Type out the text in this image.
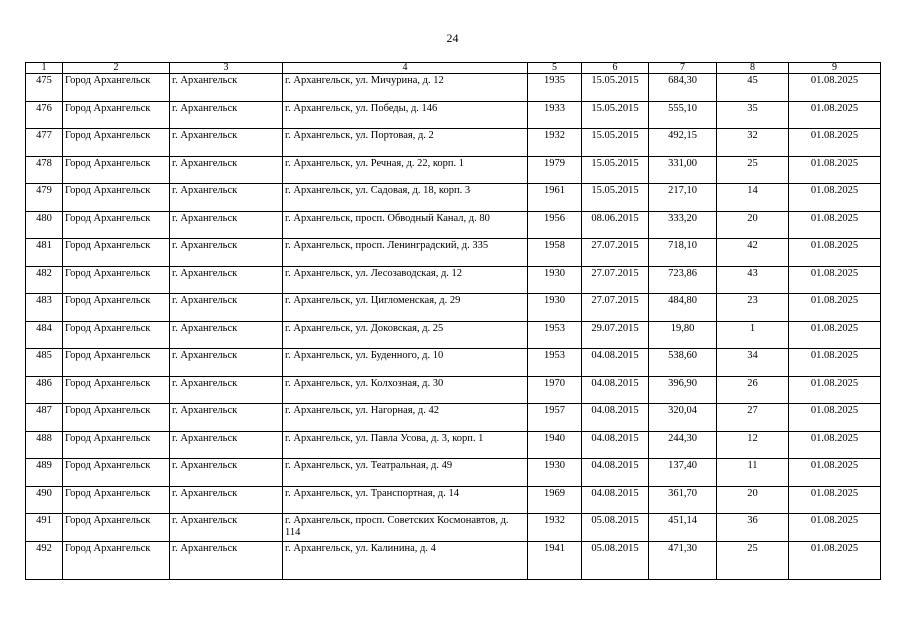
24
1	2	3	4	5	6	7	8	9
475	Город Архангельск	г. Архангельск	г. Архангельск, ул. Мичурина, д. 12	1935	15.05.2015	684,30	45	01.08.2025
476	Город Архангельск	г. Архангельск	г. Архангельск, ул. Победы, д. 146	1933	15.05.2015	555,10	35	01.08.2025
477	Город Архангельск	г. Архангельск	г. Архангельск, ул. Портовая, д. 2	1932	15.05.2015	492,15	32	01.08.2025
478	Город Архангельск	г. Архангельск	г. Архангельск, ул. Речная, д. 22, корп. 1	1979	15.05.2015	331,00	25	01.08.2025
479	Город Архангельск	г. Архангельск	г. Архангельск, ул. Садовая, д. 18, корп. 3	1961	15.05.2015	217,10	14	01.08.2025
480	Город Архангельск	г. Архангельск	г. Архангельск, просп. Обводный Канал, д. 80	1956	08.06.2015	333,20	20	01.08.2025
481	Город Архангельск	г. Архангельск	г. Архангельск, просп. Ленинградский, д. 335	1958	27.07.2015	718,10	42	01.08.2025
482	Город Архангельск	г. Архангельск	г. Архангельск, ул. Лесозаводская, д. 12	1930	27.07.2015	723,86	43	01.08.2025
483	Город Архангельск	г. Архангельск	г. Архангельск, ул. Цигломенская, д. 29	1930	27.07.2015	484,80	23	01.08.2025
484	Город Архангельск	г. Архангельск	г. Архангельск, ул. Доковская, д. 25	1953	29.07.2015	19,80	1	01.08.2025
485	Город Архангельск	г. Архангельск	г. Архангельск, ул. Буденного, д. 10	1953	04.08.2015	538,60	34	01.08.2025
486	Город Архангельск	г. Архангельск	г. Архангельск, ул. Колхозная, д. 30	1970	04.08.2015	396,90	26	01.08.2025
487	Город Архангельск	г. Архангельск	г. Архангельск, ул. Нагорная, д. 42	1957	04.08.2015	320,04	27	01.08.2025
488	Город Архангельск	г. Архангельск	г. Архангельск, ул. Павла Усова, д. 3, корп. 1	1940	04.08.2015	244,30	12	01.08.2025
489	Город Архангельск	г. Архангельск	г. Архангельск, ул. Театральная, д. 49	1930	04.08.2015	137,40	11	01.08.2025
490	Город Архангельск	г. Архангельск	г. Архангельск, ул. Транспортная, д. 14	1969	04.08.2015	361,70	20	01.08.2025
491	Город Архангельск	г. Архангельск	г. Архангельск, просп. Советских Космонавтов, д. 114	1932	05.08.2015	451,14	36	01.08.2025
492	Город Архангельск	г. Архангельск	г. Архангельск, ул. Калинина, д. 4	1941	05.08.2015	471,30	25	01.08.2025
